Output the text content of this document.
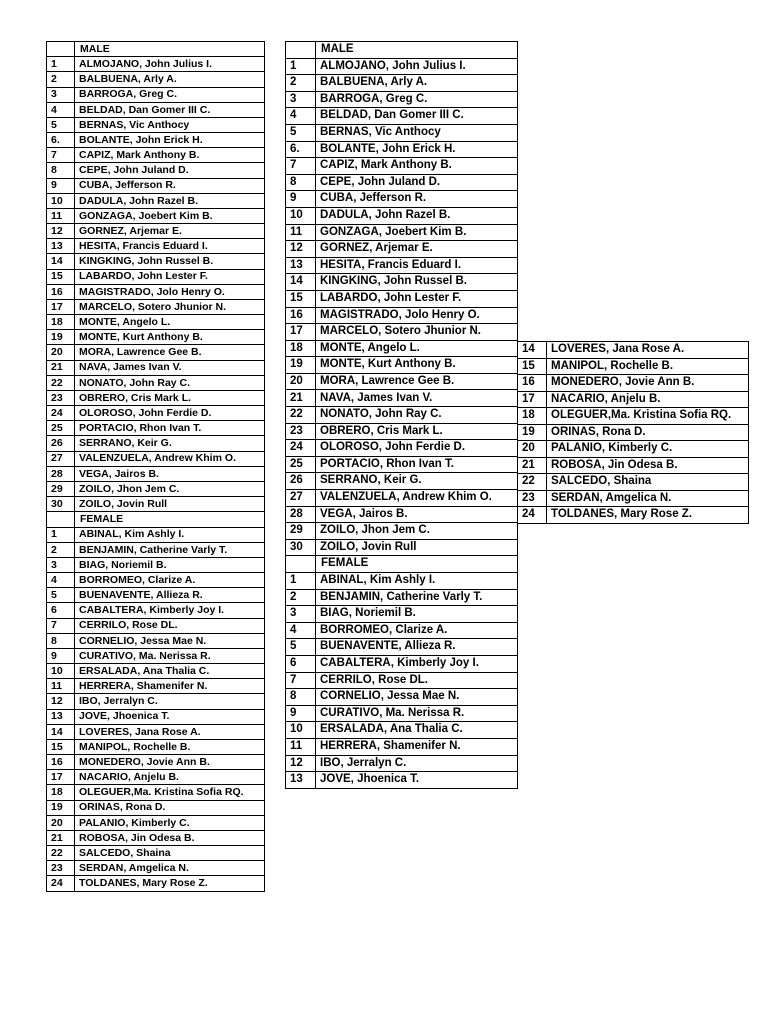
	MALE
1	ALMOJANO, John Julius I.
2	BALBUENA, Arly A.
3	BARROGA, Greg C.
4	BELDAD, Dan Gomer III C.
5	BERNAS, Vic Anthocy
6.	BOLANTE, John Erick H.
7	CAPIZ, Mark Anthony B.
8	CEPE, John Juland D.
9	CUBA, Jefferson R.
10	DADULA, John Razel B.
11	GONZAGA, Joebert Kim B.
12	GORNEZ, Arjemar E.
13	HESITA, Francis Eduard I.
14	KINGKING, John Russel B.
15	LABARDO, John Lester F.
16	MAGISTRADO, Jolo Henry O.
17	MARCELO, Sotero Jhunior N.
18	MONTE, Angelo L.
19	MONTE, Kurt Anthony B.
20	MORA, Lawrence Gee B.
21	NAVA, James Ivan V.
22	NONATO, John Ray C.
23	OBRERO, Cris Mark L.
24	OLOROSO, John Ferdie D.
25	PORTACIO, Rhon Ivan T.
26	SERRANO, Keir G.
27	VALENZUELA, Andrew Khim O.
28	VEGA, Jairos B.
29	ZOILO, Jhon Jem C.
30	ZOILO, Jovin Rull
	FEMALE
1	ABINAL, Kim Ashly I.
2	BENJAMIN, Catherine Varly T.
3	BIAG, Noriemil B.
4	BORROMEO, Clarize A.
5	BUENAVENTE, Allieza R.
6	CABALTERA, Kimberly Joy I.
7	CERRILO, Rose DL.
8	CORNELIO, Jessa Mae N.
9	CURATIVO, Ma. Nerissa R.
10	ERSALADA, Ana Thalia C.
11	HERRERA, Shamenifer N.
12	IBO, Jerralyn C.
13	JOVE, Jhoenica T.
14	LOVERES, Jana Rose A.
15	MANIPOL, Rochelle B.
16	MONEDERO, Jovie Ann B.
17	NACARIO, Anjelu B.
18	OLEGUER,Ma. Kristina Sofia RQ.
19	ORINAS, Rona D.
20	PALANIO, Kimberly C.
21	ROBOSA, Jin Odesa B.
22	SALCEDO, Shaina
23	SERDAN, Amgelica N.
24	TOLDANES, Mary Rose Z.
	MALE
1	ALMOJANO, John Julius I.
2	BALBUENA, Arly A.
3	BARROGA, Greg C.
4	BELDAD, Dan Gomer III C.
5	BERNAS, Vic Anthocy
6.	BOLANTE, John Erick H.
7	CAPIZ, Mark Anthony B.
8	CEPE, John Juland D.
9	CUBA, Jefferson R.
10	DADULA, John Razel B.
11	GONZAGA, Joebert Kim B.
12	GORNEZ, Arjemar E.
13	HESITA, Francis Eduard I.
14	KINGKING, John Russel B.
15	LABARDO, John Lester F.
16	MAGISTRADO, Jolo Henry O.
17	MARCELO, Sotero Jhunior N.
18	MONTE, Angelo L.
19	MONTE, Kurt Anthony B.
20	MORA, Lawrence Gee B.
21	NAVA, James Ivan V.
22	NONATO, John Ray C.
23	OBRERO, Cris Mark L.
24	OLOROSO, John Ferdie D.
25	PORTACIO, Rhon Ivan T.
26	SERRANO, Keir G.
27	VALENZUELA, Andrew Khim O.
28	VEGA, Jairos B.
29	ZOILO, Jhon Jem C.
30	ZOILO, Jovin Rull
	FEMALE
1	ABINAL, Kim Ashly I.
2	BENJAMIN, Catherine Varly T.
3	BIAG, Noriemil B.
4	BORROMEO, Clarize A.
5	BUENAVENTE, Allieza R.
6	CABALTERA, Kimberly Joy I.
7	CERRILO, Rose DL.
8	CORNELIO, Jessa Mae N.
9	CURATIVO, Ma. Nerissa R.
10	ERSALADA, Ana Thalia C.
11	HERRERA, Shamenifer N.
12	IBO, Jerralyn C.
13	JOVE, Jhoenica T.
14	LOVERES, Jana Rose A.
15	MANIPOL, Rochelle B.
16	MONEDERO, Jovie Ann B.
17	NACARIO, Anjelu B.
18	OLEGUER,Ma. Kristina Sofia RQ.
19	ORINAS, Rona D.
20	PALANIO, Kimberly C.
21	ROBOSA, Jin Odesa B.
22	SALCEDO, Shaina
23	SERDAN, Amgelica N.
24	TOLDANES, Mary Rose Z.
